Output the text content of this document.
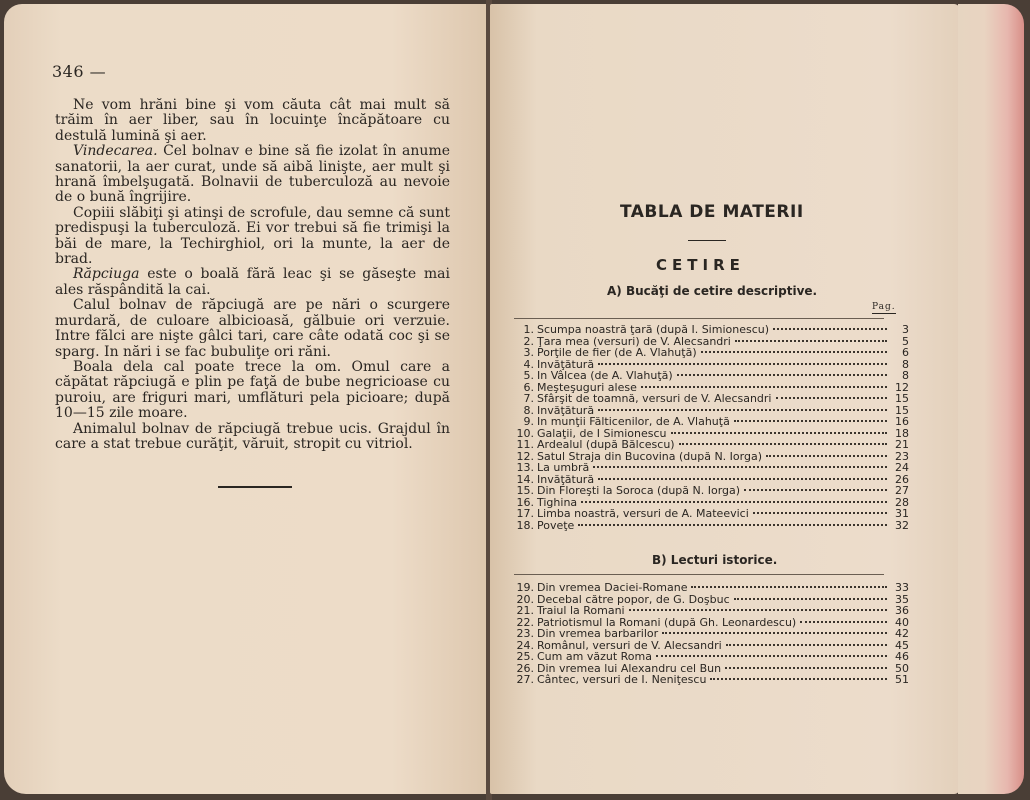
346 —

Ne vom hrăni bine şi vom căuta cât mai mult să trăim în aer liber, sau în locuinţe încăpătoare cu destulă lumină şi aer.

Vindecarea. Cel bolnav e bine să fie izolat în anume sanatorii, la aer curat, unde să aibă linişte, aer mult şi hrană îmbelşugată. Bolnavii de tuberculoză au nevoie de o bună îngrijire.

Copiii slăbiţi şi atinşi de scrofule, dau semne că sunt predispuşi la tuberculoză. Ei vor trebui să fie trimişi la băi de mare, la Techirghiol, ori la munte, la aer de brad.

Răpciuga este o boală fără leac şi se găseşte mai ales răspândită la cai.

Calul bolnav de răpciugă are pe nări o scurgere murdară, de culoare albicioasă, gălbuie ori verzuie. Intre fălci are nişte gâlci tari, care câte odată coc şi se sparg. In nări i se fac bubuliţe ori răni.

Boala dela cal poate trece la om. Omul care a căpătat răpciugă e plin pe faţă de bube negricioase cu puroiu, are friguri mari, umflături pela picioare; după 10—15 zile moare.

Animalul bolnav de răpciugă trebue ucis. Grajdul în care a stat trebue curăţit, văruit, stropit cu vitriol.

TABLA DE MATERII
CETIRE
A) Bucăţi de cetire descriptive.
Pag.
1. Scumpa noastră ţară (după I. Simionescu)	3
2. Ţara mea (versuri) de V. Alecsandri	5
3. Porţile de fier (de A. Vlahuţă)	6
4. Invăţătură	8
5. In Vâlcea (de A. Vlahuţă)	8
6. Meşteşuguri alese	12
7. Sfârşit de toamnă, versuri de V. Alecsandri	15
8. Invăţătură	15
9. In munţii Fălticenilor, de A. Vlahuţă	16
10. Galaţii, de I Simionescu	18
11. Ardealul (după Bălcescu)	21
12. Satul Straja din Bucovina (după N. Iorga)	23
13. La umbră	24
14. Invăţătură	26
15. Din Floreşti la Soroca (după N. Iorga)	27
16. Tighina	28
17. Limba noastră, versuri de A. Mateevici	31
18. Poveţe	32
B) Lecturi istorice.
19. Din vremea Daciei-Romane	33
20. Decebal către popor, de G. Doşbuc	35
21. Traiul la Romani	36
22. Patriotismul la Romani (după Gh. Leonardescu)	40
23. Din vremea barbarilor	42
24. Românul, versuri de V. Alecsandri	45
25. Cum am văzut Roma	46
26. Din vremea lui Alexandru cel Bun	50
27. Cântec, versuri de I. Neniţescu	51
